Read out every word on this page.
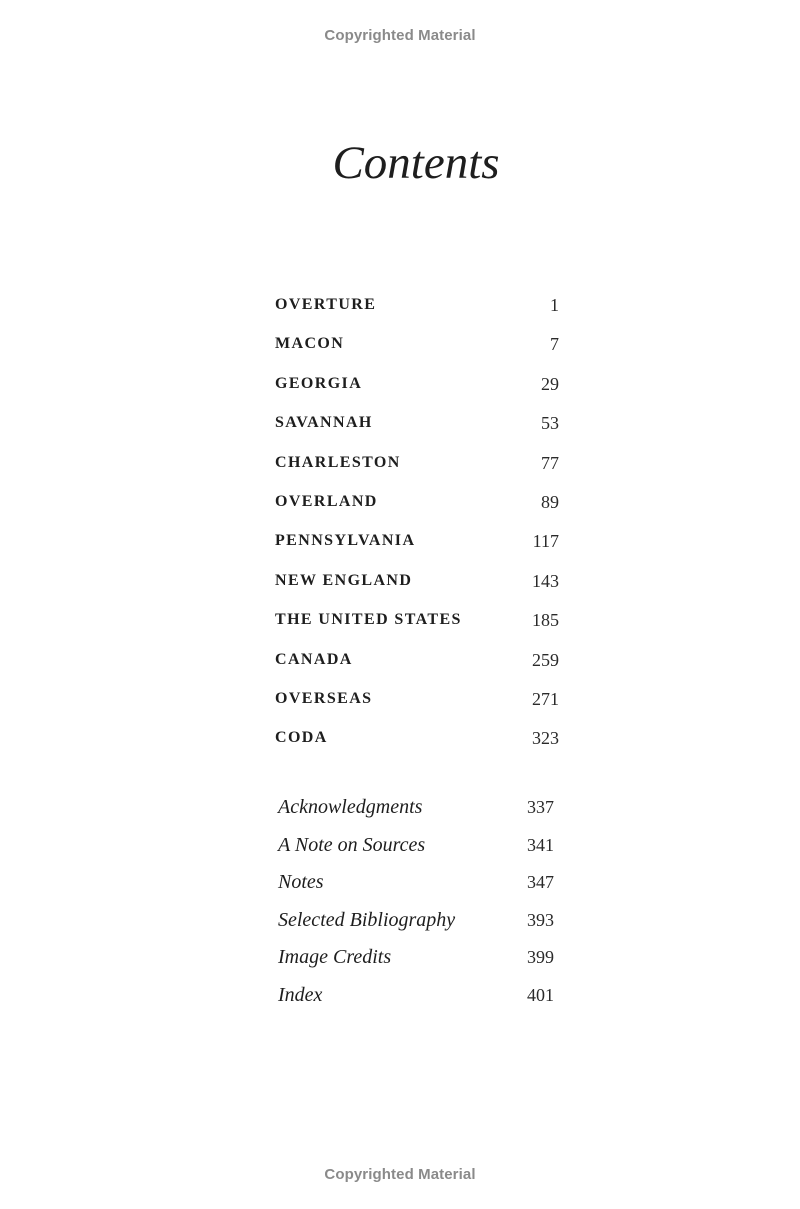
Copyrighted Material
Contents
OVERTURE	1
MACON	7
GEORGIA	29
SAVANNAH	53
CHARLESTON	77
OVERLAND	89
PENNSYLVANIA	117
NEW ENGLAND	143
THE UNITED STATES	185
CANADA	259
OVERSEAS	271
CODA	323
Acknowledgments	337
A Note on Sources	341
Notes	347
Selected Bibliography	393
Image Credits	399
Index	401
Copyrighted Material
